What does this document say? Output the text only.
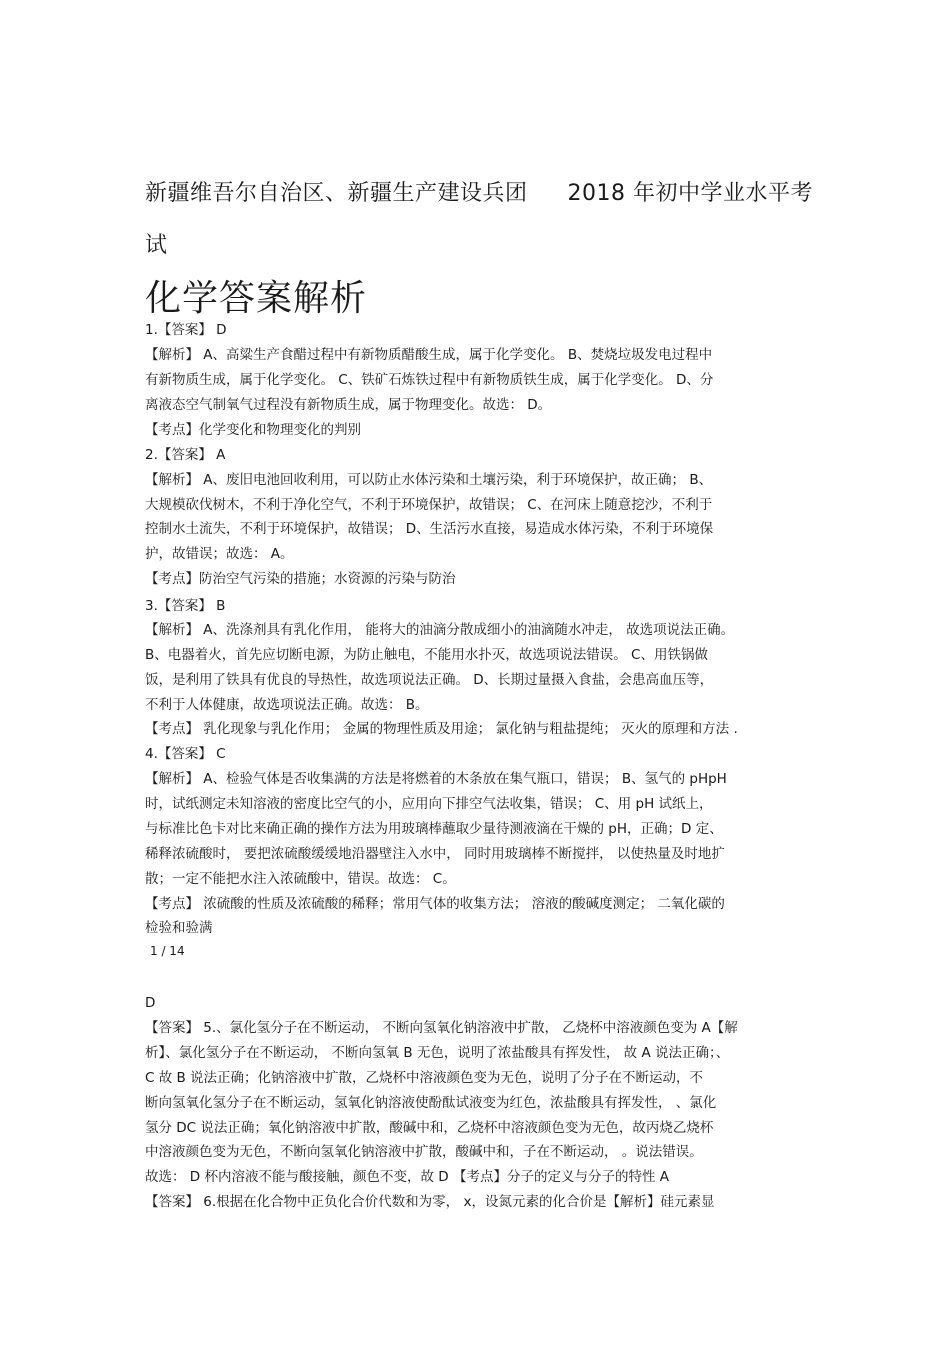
新疆维吾尔自治区、新疆生产建设兵团 2018 年初中学业水平考
试
化学答案解析
1.【答案】 D
【解析】 A、高粱生产食醋过程中有新物质醋酸生成，属于化学变化。 B、焚烧垃圾发电过程中
有新物质生成，属于化学变化。 C、铁矿石炼铁过程中有新物质铁生成，属于化学变化。 D、分
离液态空气制氧气过程没有新物质生成，属于物理变化。故选： D。
【考点】化学变化和物理变化的判别
2.【答案】 A
【解析】 A、废旧电池回收利用，可以防止水体污染和土壤污染，利于环境保护，故正确； B、
大规模砍伐树木，不利于净化空气，不利于环境保护，故错误； C、在河床上随意挖沙，不利于
控制水土流失，不利于环境保护，故错误； D、生活污水直接，易造成水体污染，不利于环境保
护，故错误；故选： A。
【考点】防治空气污染的措施；水资源的污染与防治
3.【答案】 B
【解析】 A、洗涤剂具有乳化作用， 能将大的油滴分散成细小的油滴随水冲走， 故选项说法正确。
B、电器着火，首先应切断电源，为防止触电，不能用水扑灭，故选项说法错误。 C、用铁锅做
饭，是利用了铁具有优良的导热性，故选项说法正确。 D、长期过量摄入食盐，会患高血压等，
不利于人体健康，故选项说法正确。故选： B。
【考点】 乳化现象与乳化作用； 金属的物理性质及用途； 氯化钠与粗盐提纯； 灭火的原理和方法 .
4.【答案】 C
【解析】 A、检验气体是否收集满的方法是将燃着的木条放在集气瓶口，错误； B、氢气的 pHpH
时，试纸测定未知溶液的密度比空气的小，应用向下排空气法收集，错误； C、用 pH 试纸上，
与标准比色卡对比来确正确的操作方法为用玻璃棒蘸取少量待测液滴在干燥的 pH，正确；D 定、
稀释浓硫酸时， 要把浓硫酸缓缓地沿器壁注入水中， 同时用玻璃棒不断搅拌， 以使热量及时地扩
散；一定不能把水注入浓硫酸中，错误。故选： C。
【考点】 浓硫酸的性质及浓硫酸的稀释；常用气体的收集方法； 溶液的酸碱度测定； 二氧化碳的
检验和验满
1 / 14
D
【答案】 5.、氯化氢分子在不断运动， 不断向氢氧化钠溶液中扩散， 乙烧杯中溶液颜色变为 A【解
析】、氯化氢分子在不断运动， 不断向氢氧 B 无色，说明了浓盐酸具有挥发性， 故 A 说法正确；、
C 故 B 说法正确；化钠溶液中扩散，乙烧杯中溶液颜色变为无色，说明了分子在不断运动，不
断向氢氧化氢分子在不断运动，氢氧化钠溶液使酚酞试液变为红色，浓盐酸具有挥发性， 、氯化
氢分 DC 说法正确；氧化钠溶液中扩散，酸碱中和，乙烧杯中溶液颜色变为无色，故丙烧乙烧杯
中溶液颜色变为无色，不断向氢氧化钠溶液中扩散，酸碱中和，子在不断运动， 。说法错误。
故选： D 杯内溶液不能与酸接触，颜色不变，故 D 【考点】分子的定义与分子的特性 A
【答案】 6.根据在化合物中正负化合价代数和为零， x，设氮元素的化合价是【解析】硅元素显
